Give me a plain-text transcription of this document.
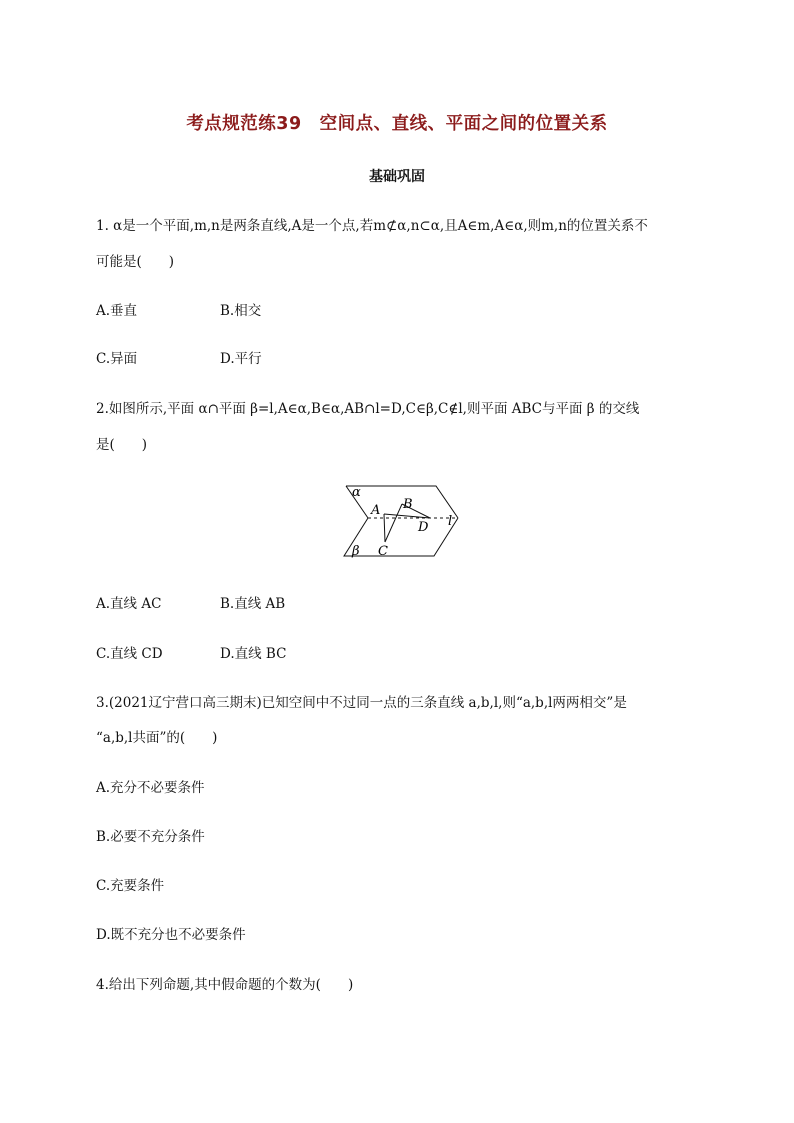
考点规范练39　空间点、直线、平面之间的位置关系
基础巩固
1. α是一个平面,m,n是两条直线,A是一个点,若m⊄α,n⊂α,且A∈m,A∈α,则m,n的位置关系不
可能是(　　)
A.垂直	B.相交
C.异面	D.平行
2.如图所示,平面 α∩平面 β=l,A∈α,B∈α,AB∩l=D,C∈β,C∉l,则平面 ABC与平面 β 的交线
是(　　)
α
β
A B
C
D l
A.直线 AC	B.直线 AB
C.直线 CD	D.直线 BC
3.(2021辽宁营口高三期末)已知空间中不过同一点的三条直线 a,b,l,则“a,b,l两两相交”是
“a,b,l共面”的(　　)
A.充分不必要条件
B.必要不充分条件
C.充要条件
D.既不充分也不必要条件
4.给出下列命题,其中假命题的个数为(　　)
